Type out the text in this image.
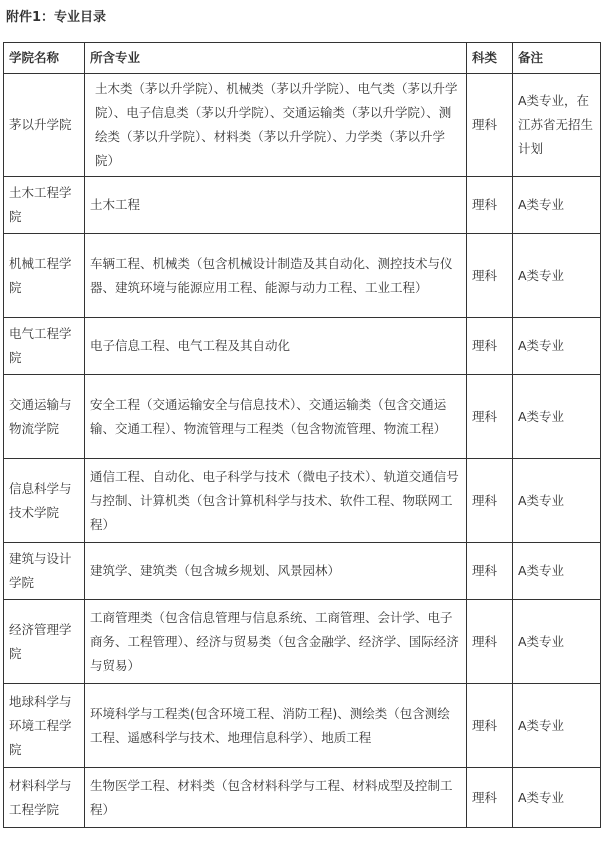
附件1：专业目录
学院名称	所含专业	科类	备注
茅以升学院	土木类（茅以升学院）、机械类（茅以升学院）、电气类（茅以升学院）、电子信息类（茅以升学院）、交通运输类（茅以升学院）、测绘类（茅以升学院）、材料类（茅以升学院）、力学类（茅以升学院）	理科	A类专业，在江苏省无招生计划
土木工程学院	土木工程	理科	A类专业
机械工程学院	车辆工程、机械类（包含机械设计制造及其自动化、测控技术与仪器、建筑环境与能源应用工程、能源与动力工程、工业工程）	理科	A类专业
电气工程学院	电子信息工程、电气工程及其自动化	理科	A类专业
交通运输与物流学院	安全工程（交通运输安全与信息技术）、交通运输类（包含交通运输、交通工程）、物流管理与工程类（包含物流管理、物流工程）	理科	A类专业
信息科学与技术学院	通信工程、自动化、电子科学与技术（微电子技术）、轨道交通信号与控制、计算机类（包含计算机科学与技术、软件工程、物联网工程）	理科	A类专业
建筑与设计学院	建筑学、建筑类（包含城乡规划、风景园林）	理科	A类专业
经济管理学院	工商管理类（包含信息管理与信息系统、工商管理、会计学、电子商务、工程管理）、经济与贸易类（包含金融学、经济学、国际经济与贸易）	理科	A类专业
地球科学与环境工程学院	环境科学与工程类(包含环境工程、消防工程)、测绘类（包含测绘工程、遥感科学与技术、地理信息科学）、地质工程	理科	A类专业
材料科学与工程学院	生物医学工程、材料类（包含材料科学与工程、材料成型及控制工程）	理科	A类专业
